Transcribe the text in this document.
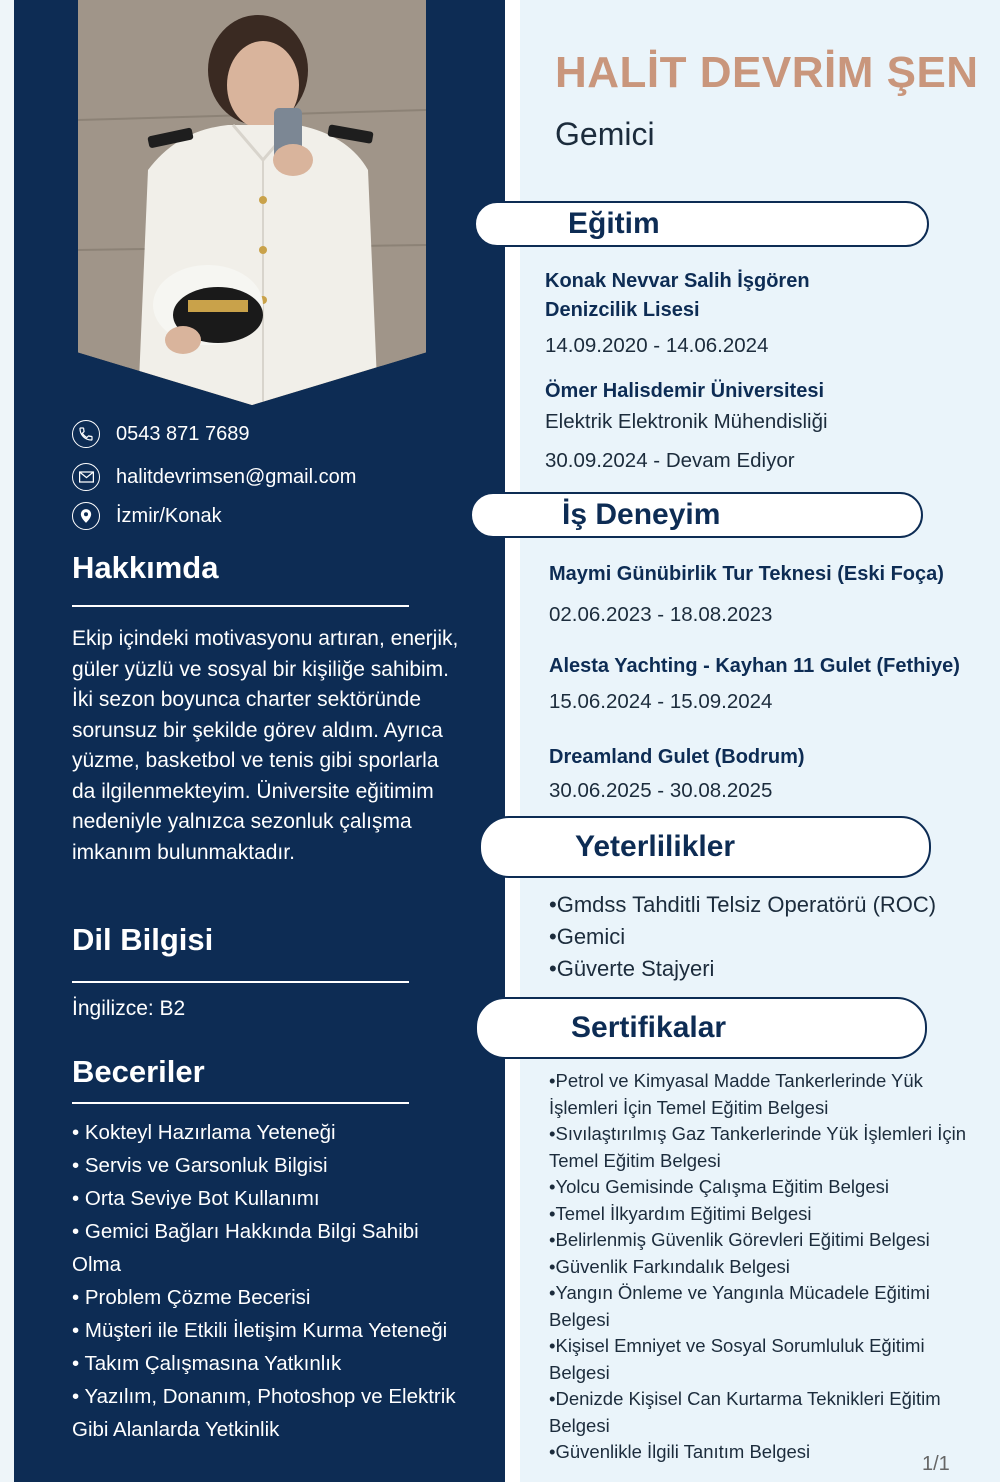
0543 871 7689
halitdevrimsen@gmail.com
İzmir/Konak
Hakkımda

Ekip içindeki motivasyonu artıran, enerjik, güler yüzlü ve sosyal bir kişiliğe sahibim. İki sezon boyunca charter sektöründe sorunsuz bir şekilde görev aldım. Ayrıca yüzme, basketbol ve tenis gibi sporlarla da ilgilenmekteyim. Üniversite eğitimim nedeniyle yalnızca sezonluk çalışma imkanım bulunmaktadır.

Dil Bilgisi

İngilizce: B2

Beceriler
• Kokteyl Hazırlama Yeteneği
• Servis ve Garsonluk Bilgisi
• Orta Seviye Bot Kullanımı
• Gemici Bağları Hakkında Bilgi Sahibi Olma
• Problem Çözme Becerisi
• Müşteri ile Etkili İletişim Kurma Yeteneği
• Takım Çalışmasına Yatkınlık
• Yazılım, Donanım, Photoshop ve Elektrik Gibi Alanlarda Yetkinlik
HALİT DEVRİM ŞEN

Gemici

Eğitim

Konak Nevvar Salih İşgören Denizcilik Lisesi

14.09.2020 - 14.06.2024

Ömer Halisdemir Üniversitesi

Elektrik Elektronik Mühendisliği

30.09.2024 - Devam Ediyor

İş Deneyim

Maymi Günübirlik Tur Teknesi (Eski Foça)

02.06.2023 - 18.08.2023

Alesta Yachting - Kayhan 11 Gulet (Fethiye)

15.06.2024 - 15.09.2024

Dreamland Gulet (Bodrum)

30.06.2025 - 30.08.2025

Yeterlilikler

•Gmdss Tahditli Telsiz Operatörü (ROC)

•Gemici

•Güverte Stajyeri

Sertifikalar
•Petrol ve Kimyasal Madde Tankerlerinde Yük İşlemleri İçin Temel Eğitim Belgesi
•Sıvılaştırılmış Gaz Tankerlerinde Yük İşlemleri İçin Temel Eğitim Belgesi
•Yolcu Gemisinde Çalışma Eğitim Belgesi
•Temel İlkyardım Eğitimi Belgesi
•Belirlenmiş Güvenlik Görevleri Eğitimi Belgesi
•Güvenlik Farkındalık Belgesi
•Yangın Önleme ve Yangınla Mücadele Eğitimi Belgesi
•Kişisel Emniyet ve Sosyal Sorumluluk Eğitimi Belgesi
•Denizde Kişisel Can Kurtarma Teknikleri Eğitim Belgesi
•Güvenlikle İlgili Tanıtım Belgesi

1/1
